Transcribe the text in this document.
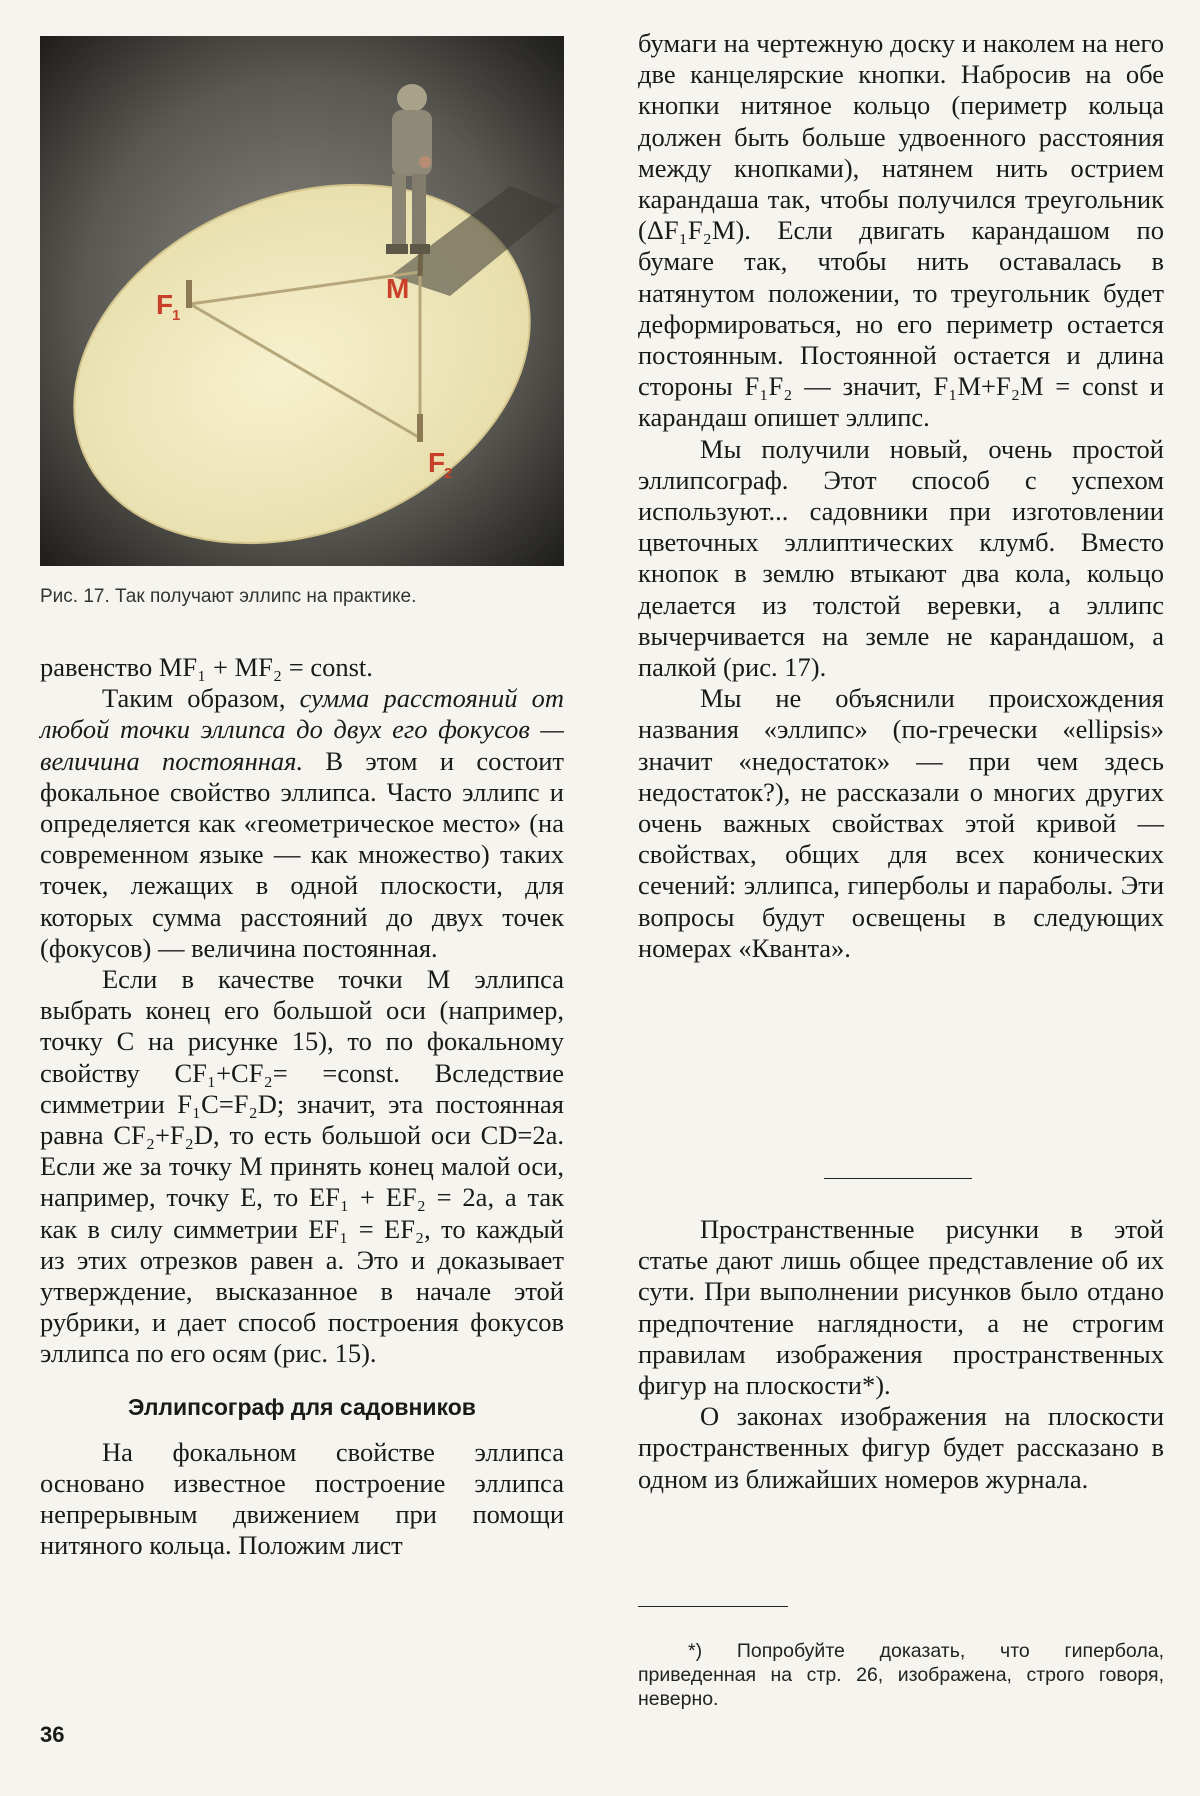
F
1
M
F
2
Рис. 17. Так получают эллипс на практике.

равенство MF₁ + MF₂ = const.

Таким образом, сумма расстояний от любой точки эллипса до двух его фокусов — величина постоянная. В этом и состоит фокальное свойство эллипса. Часто эллипс и определяется как «геометрическое место» (на современном языке — как множество) таких точек, лежащих в одной плоскости, для которых сумма расстояний до двух точек (фокусов) — величина постоянная.

Если в качестве точки M эллипса выбрать конец его большой оси (например, точку C на рисунке 15), то по фокальному свойству CF₁+CF₂= =const. Вследствие симметрии F₁C=F₂D; значит, эта постоянная равна CF₂+F₂D, то есть большой оси CD=2a. Если же за точку M принять конец малой оси, например, точку E, то EF₁ + EF₂ = 2a, а так как в силу симметрии EF₁ = EF₂, то каждый из этих отрезков равен a. Это и доказывает утверждение, высказанное в начале этой рубрики, и дает способ построения фокусов эллипса по его осям (рис. 15).

Эллипсограф для садовников

На фокальном свойстве эллипса основано известное построение эллипса непрерывным движением при помощи нитяного кольца. Положим лист

бумаги на чертежную доску и наколем на него две канцелярские кнопки. Набросив на обе кнопки нитяное кольцо (периметр кольца должен быть больше удвоенного расстояния между кнопками), натянем нить острием карандаша так, чтобы получился треугольник (ΔF₁F₂M). Если двигать карандашом по бумаге так, чтобы нить оставалась в натянутом положении, то треугольник будет деформироваться, но его периметр остается постоянным. Постоянной остается и длина стороны F₁F₂ — значит, F₁M+F₂M = const и карандаш опишет эллипс.

Мы получили новый, очень простой эллипсограф. Этот способ с успехом используют... садовники при изготовлении цветочных эллиптических клумб. Вместо кнопок в землю втыкают два кола, кольцо делается из толстой веревки, а эллипс вычерчивается на земле не карандашом, а палкой (рис. 17).

Мы не объяснили происхождения названия «эллипс» (по-гречески «ellipsis» значит «недостаток» — при чем здесь недостаток?), не рассказали о многих других очень важных свойствах этой кривой — свойствах, общих для всех конических сечений: эллипса, гиперболы и параболы. Эти вопросы будут освещены в следующих номерах «Кванта».

Пространственные рисунки в этой статье дают лишь общее представление об их сути. При выполнении рисунков было отдано предпочтение наглядности, а не строгим правилам изображения пространственных фигур на плоскости*).

О законах изображения на плоскости пространственных фигур будет рассказано в одном из ближайших номеров журнала.

*) Попробуйте доказать, что гипербола, приведенная на стр. 26, изображена, строго говоря, неверно.

36
